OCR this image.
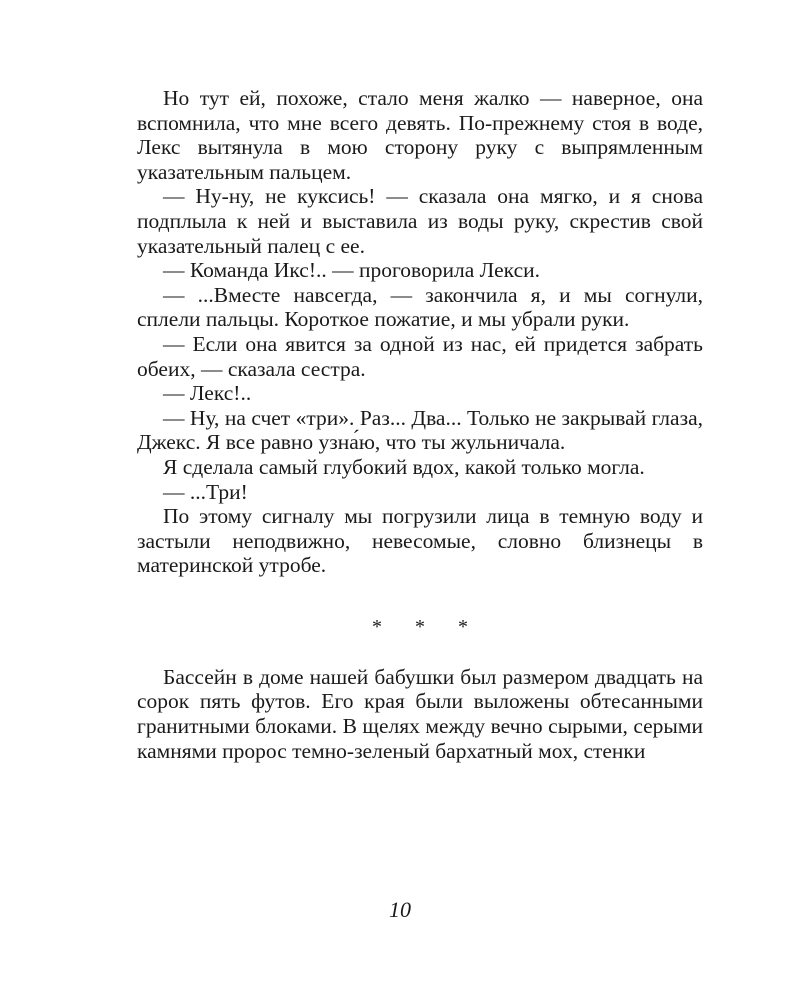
Но тут ей, похоже, стало меня жалко — наверное, она вспомнила, что мне всего девять. По-прежнему стоя в воде, Лекс вытянула в мою сторону руку с выпрямленным указательным пальцем.

— Ну-ну, не куксись! — сказала она мягко, и я снова подплыла к ней и выставила из воды руку, скрестив свой указательный палец с ее.

— Команда Икс!.. — проговорила Лекси.

— ...Вместе навсегда, — закончила я, и мы согнули, сплели пальцы. Короткое пожатие, и мы убрали руки.

— Если она явится за одной из нас, ей придется забрать обеих, — сказала сестра.

— Лекс!..

— Ну, на счет «три». Раз... Два... Только не закрывай глаза, Джекс. Я все равно узна́ю, что ты жульничала.

Я сделала самый глубокий вдох, какой только могла.

— ...Три!

По этому сигналу мы погрузили лица в темную воду и застыли неподвижно, невесомые, словно близнецы в материнской утробе.

* * *

Бассейн в доме нашей бабушки был размером двадцать на сорок пять футов. Его края были выложены обтесанными гранитными блоками. В щелях между вечно сырыми, серыми камнями пророс темно-зеленый бархатный мох, стенки

10
